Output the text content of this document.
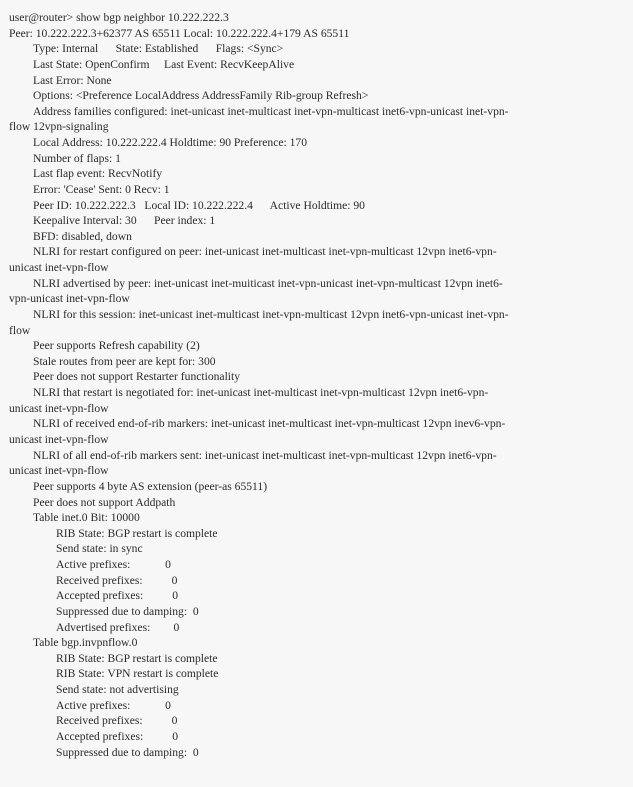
user@router> show bgp neighbor 10.222.222.3
Peer: 10.222.222.3+62377 AS 65511 Local: 10.222.222.4+179 AS 65511
Type: Internal      State: Established      Flags: <Sync>
Last State: OpenConfirm     Last Event: RecvKeepAlive
Last Error: None
Options: <Preference LocalAddress AddressFamily Rib-group Refresh>
Address families configured: inet-unicast inet-multicast inet-vpn-multicast inet6-vpn-unicast inet-vpn-
flow 12vpn-signaling
Local Address: 10.222.222.4 Holdtime: 90 Preference: 170
Number of flaps: 1
Last flap event: RecvNotify
Error: 'Cease' Sent: 0 Recv: 1
Peer ID: 10.222.222.3   Local ID: 10.222.222.4      Active Holdtime: 90
Keepalive Interval: 30      Peer index: 1
BFD: disabled, down
NLRI for restart configured on peer: inet-unicast inet-multicast inet-vpn-multicast 12vpn inet6-vpn-
unicast inet-vpn-flow
NLRI advertised by peer: inet-unicast inet-muiticast inet-vpn-unicast inet-vpn-multicast 12vpn inet6-
vpn-unicast inet-vpn-flow
NLRI for this session: inet-unicast inet-multicast inet-vpn-multicast 12vpn inet6-vpn-unicast inet-vpn-
flow
Peer supports Refresh capability (2)
Stale routes from peer are kept for: 300
Peer does not support Restarter functionality
NLRI that restart is negotiated for: inet-unicast inet-multicast inet-vpn-multicast 12vpn inet6-vpn-
unicast inet-vpn-flow
NLRI of received end-of-rib markers: inet-unicast inet-multicast inet-vpn-multicast 12vpn inev6-vpn-
unicast inet-vpn-flow
NLRI of all end-of-rib markers sent: inet-unicast inet-multicast inet-vpn-multicast 12vpn inet6-vpn-
unicast inet-vpn-flow
Peer supports 4 byte AS extension (peer-as 65511)
Peer does not support Addpath
Table inet.0 Bit: 10000
RIB State: BGP restart is complete
Send state: in sync
Active prefixes:            0
Received prefixes:          0
Accepted prefixes:          0
Suppressed due to damping:  0
Advertised prefixes:        0
Table bgp.invpnflow.0
RIB State: BGP restart is complete
RIB State: VPN restart is complete
Send state: not advertising
Active prefixes:            0
Received prefixes:          0
Accepted prefixes:          0
Suppressed due to damping:  0
